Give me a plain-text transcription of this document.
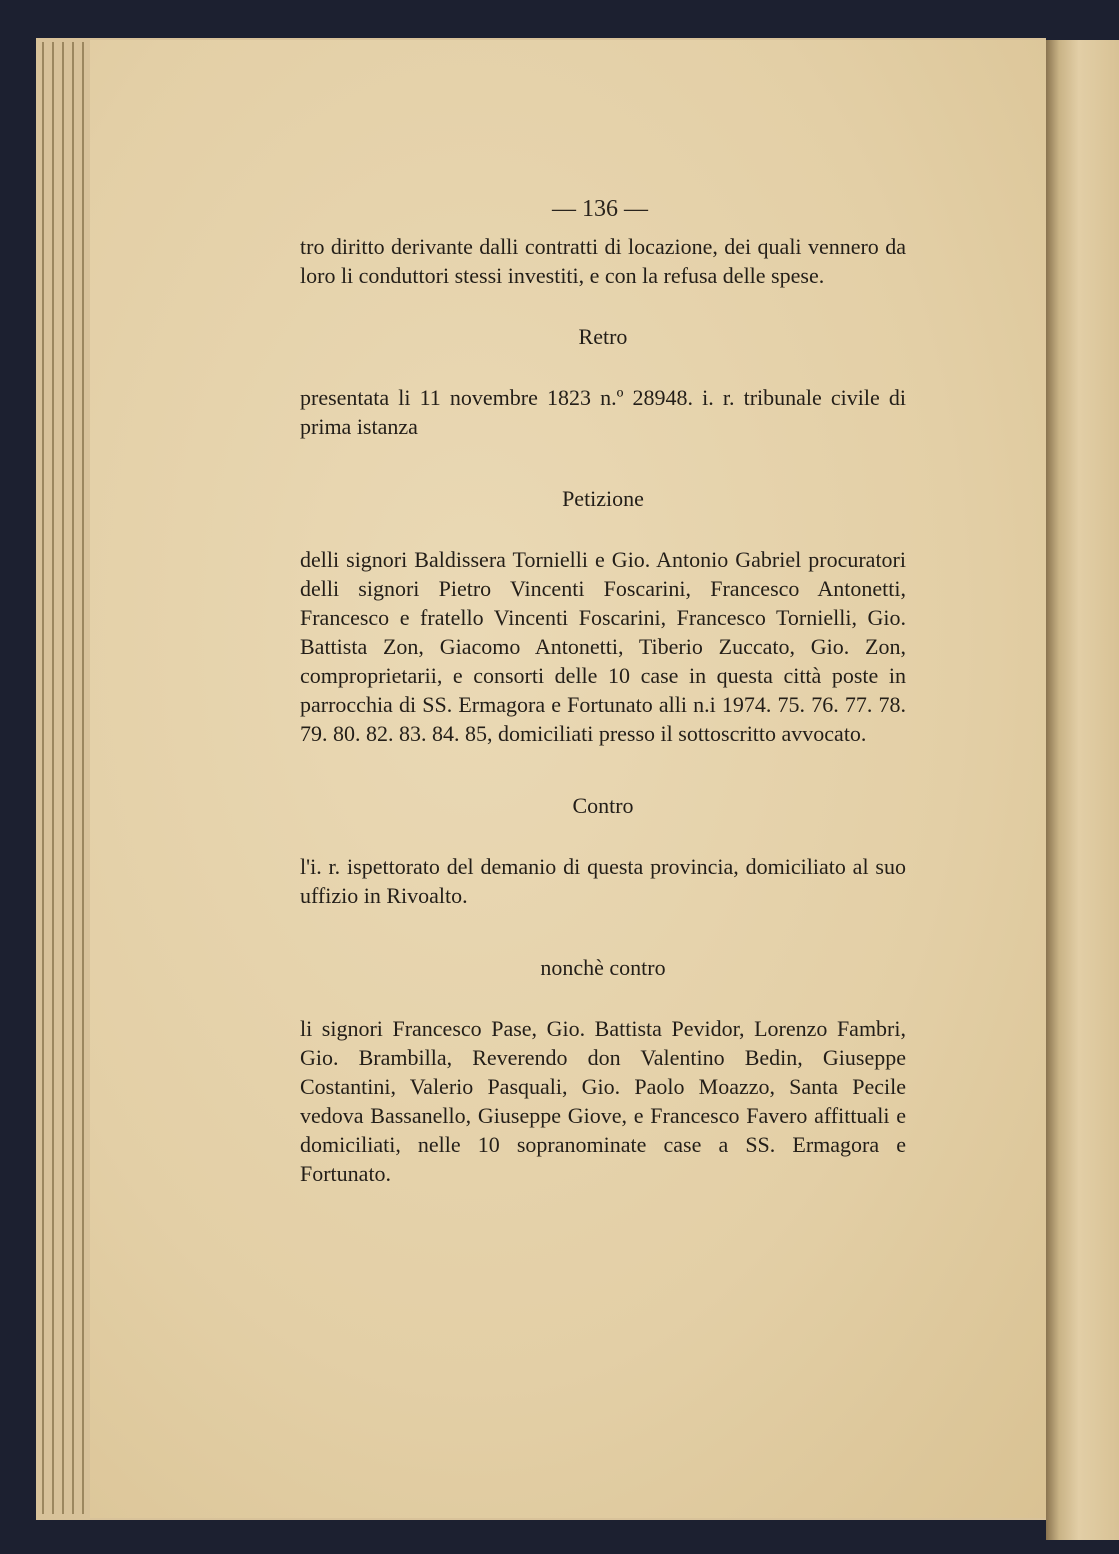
— 136 —

tro diritto derivante dalli contratti di locazione, dei quali vennero da loro li conduttori stessi investiti, e con la refusa delle spese.

Retro

presentata li 11 novembre 1823 n.º 28948. i. r. tribunale civile di prima istanza

Petizione

delli signori Baldissera Tornielli e Gio. Antonio Gabriel procuratori delli signori Pietro Vincenti Foscarini, Francesco Antonetti, Francesco e fratello Vincenti Foscarini, Francesco Tornielli, Gio. Battista Zon, Giacomo Antonetti, Tiberio Zuccato, Gio. Zon, comproprietarii, e consorti delle 10 case in questa città poste in parrocchia di SS. Ermagora e Fortunato alli n.i 1974. 75. 76. 77. 78. 79. 80. 82. 83. 84. 85, domiciliati presso il sottoscritto avvocato.

Contro

l'i. r. ispettorato del demanio di questa provincia, domiciliato al suo uffizio in Rivoalto.

nonchè contro

li signori Francesco Pase, Gio. Battista Pevidor, Lorenzo Fambri, Gio. Brambilla, Reverendo don Valentino Bedin, Giuseppe Costantini, Valerio Pasquali, Gio. Paolo Moazzo, Santa Pecile vedova Bassanello, Giuseppe Giove, e Francesco Favero affittuali e domiciliati, nelle 10 sopranominate case a SS. Ermagora e Fortunato.
